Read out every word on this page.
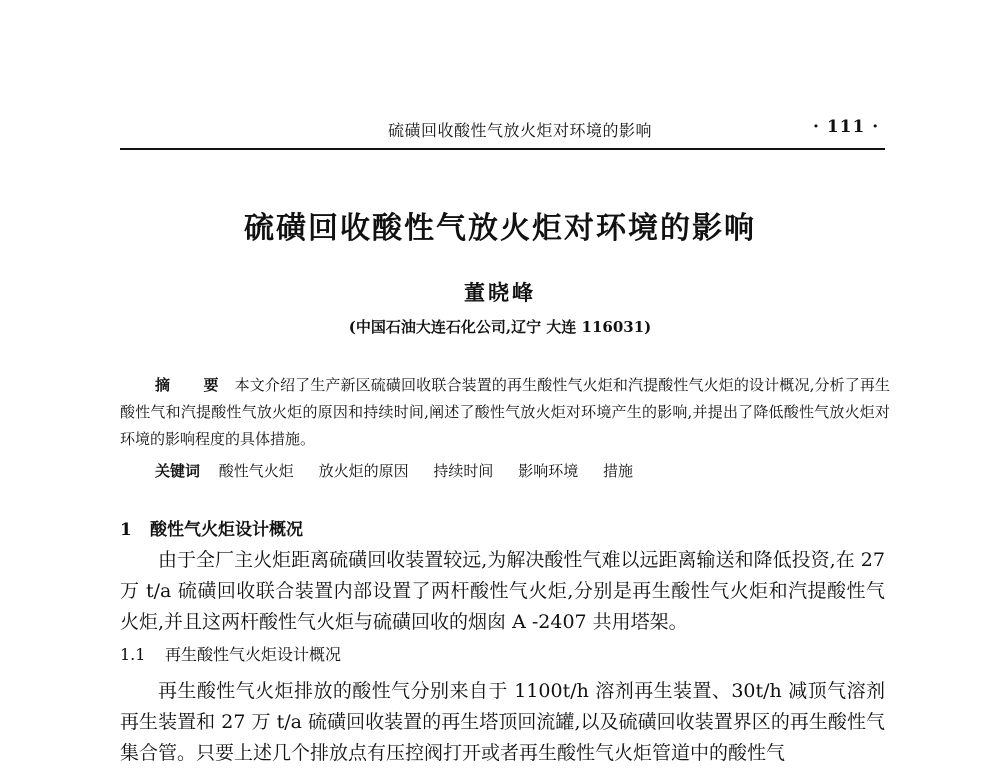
硫磺回收酸性气放火炬对环境的影响	· 111 ·
硫磺回收酸性气放火炬对环境的影响
董晓峰
(中国石油大连石化公司,辽宁 大连 116031)

摘 要 本文介绍了生产新区硫磺回收联合装置的再生酸性气火炬和汽提酸性气火炬的设计概况,分析了再生酸性气和汽提酸性气放火炬的原因和持续时间,阐述了酸性气放火炬对环境产生的影响,并提出了降低酸性气放火炬对环境的影响程度的具体措施。

关键词 酸性气火炬 放火炬的原因 持续时间 影响环境 措施
1 酸性气火炬设计概况

由于全厂主火炬距离硫磺回收装置较远,为解决酸性气难以远距离输送和降低投资,在 27 万 t/a 硫磺回收联合装置内部设置了两杆酸性气火炬,分别是再生酸性气火炬和汽提酸性气火炬,并且这两杆酸性气火炬与硫磺回收的烟囱 A -2407 共用塔架。

1.1 再生酸性气火炬设计概况

再生酸性气火炬排放的酸性气分别来自于 1100t/h 溶剂再生装置、30t/h 减顶气溶剂再生装置和 27 万 t/a 硫磺回收装置的再生塔顶回流罐,以及硫磺回收装置界区的再生酸性气集合管。只要上述几个排放点有压控阀打开或者再生酸性气火炬管道中的酸性气
